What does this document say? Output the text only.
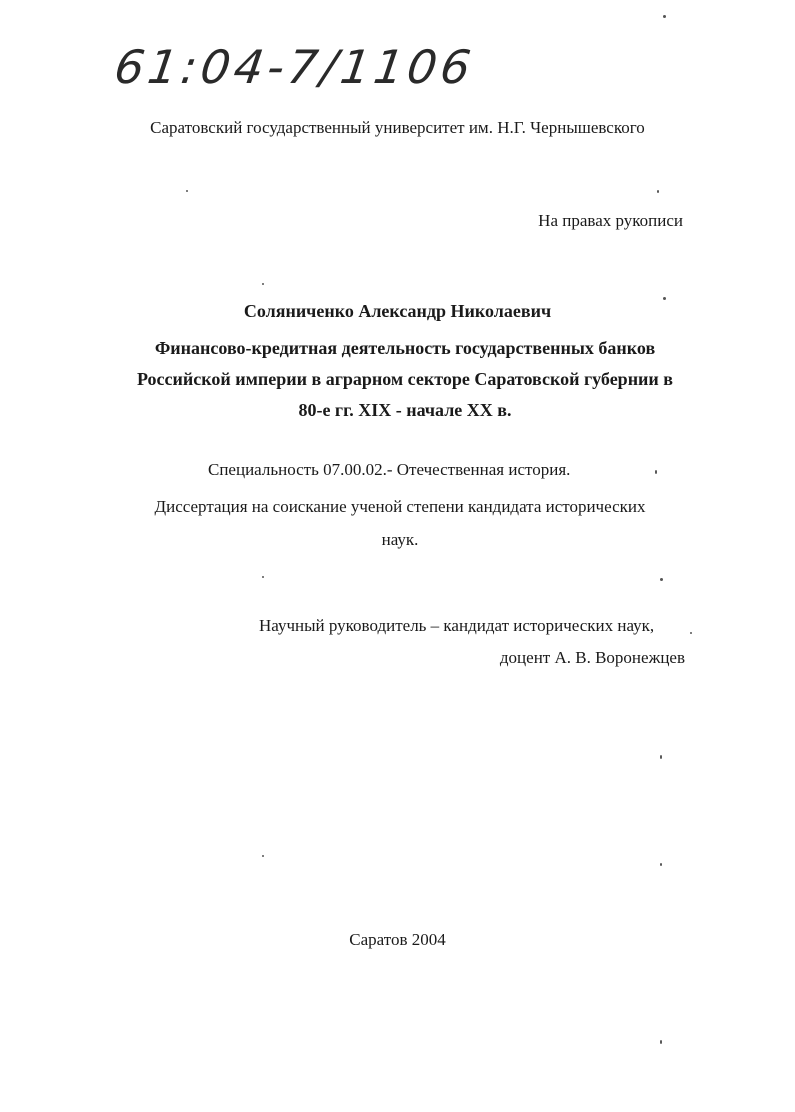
61:04-7/1106
Саратовский государственный университет им. Н.Г. Чернышевского
На правах рукописи
Соляниченко Александр Николаевич
Финансово-кредитная деятельность государственных банков
Российской империи в аграрном секторе Саратовской губернии в
80-е гг. XIX - начале XX в.
Специальность 07.00.02.- Отечественная история.
Диссертация на соискание ученой степени кандидата исторических
наук.
Научный руководитель – кандидат исторических наук,
доцент А. В. Воронежцев
Саратов 2004
